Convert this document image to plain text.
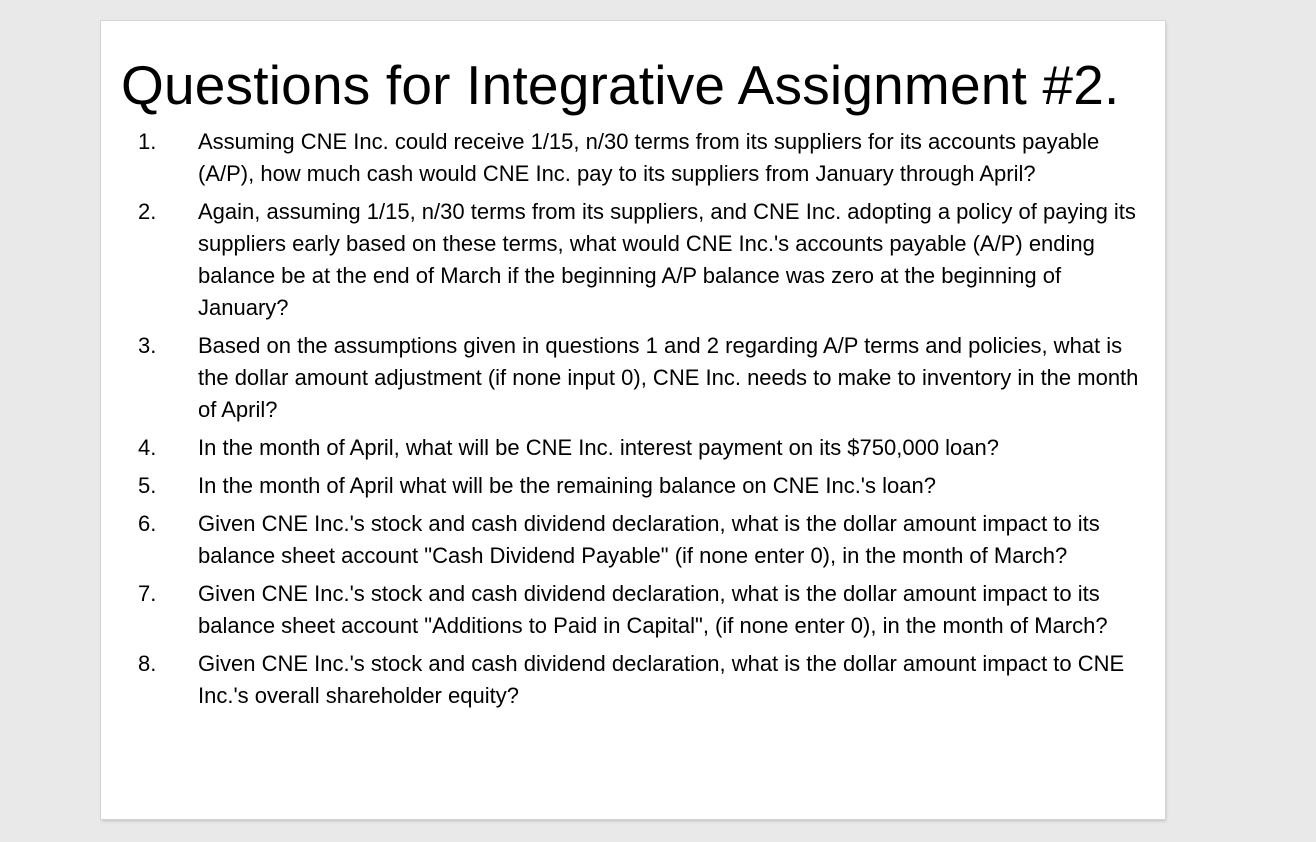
Questions for Integrative Assignment #2.
1.	Assuming CNE Inc. could receive 1/15, n/30 terms from its suppliers for its accounts payable (A/P), how much cash would CNE Inc. pay to its suppliers from January through April?
2.	Again, assuming 1/15, n/30 terms from its suppliers, and CNE Inc. adopting a policy of paying its suppliers early based on these terms, what would CNE Inc.'s accounts payable (A/P) ending balance be at the end of March if the beginning A/P balance was zero at the beginning of January?
3.	Based on the assumptions given in questions 1 and 2 regarding A/P terms and policies, what is the dollar amount adjustment (if none input 0), CNE Inc. needs to make to inventory in the month of April?
4.	In the month of April, what will be CNE Inc. interest payment on its $750,000 loan?
5.	In the month of April what will be the remaining balance on CNE Inc.'s loan?
6.	Given CNE Inc.'s stock and cash dividend declaration, what is the dollar amount impact to its balance sheet account "Cash Dividend Payable" (if none enter 0), in the month of March?
7.	Given CNE Inc.'s stock and cash dividend declaration, what is the dollar amount impact to its balance sheet account "Additions to Paid in Capital", (if none enter 0), in the month of March?
8.	Given CNE Inc.'s stock and cash dividend declaration, what is the dollar amount impact to CNE Inc.'s overall shareholder equity?
